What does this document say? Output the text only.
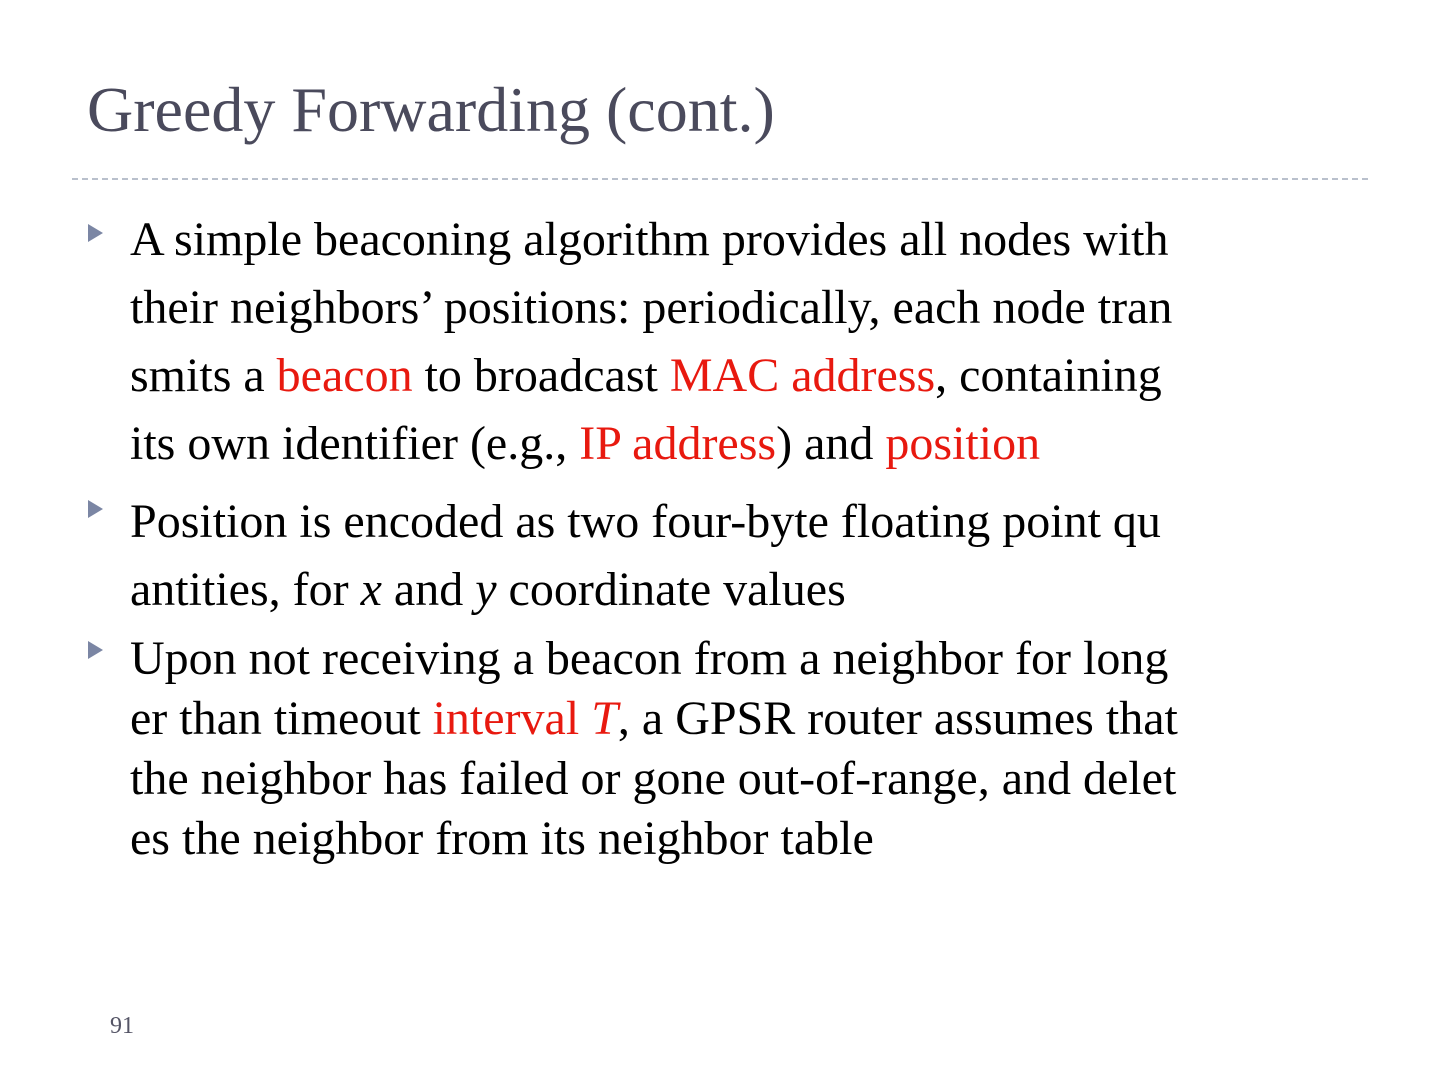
Greedy Forwarding (cont.)
A simple beaconing algorithm provides all nodes with
their neighbors’ positions: periodically, each node tran
smits a beacon to broadcast MAC address, containing
its own identifier (e.g., IP address) and position
Position is encoded as two four-byte floating point qu
antities, for x and y coordinate values
Upon not receiving a beacon from a neighbor for long
er than timeout interval T, a GPSR router assumes that
the neighbor has failed or gone out-of-range, and delet
es the neighbor from its neighbor table
91
